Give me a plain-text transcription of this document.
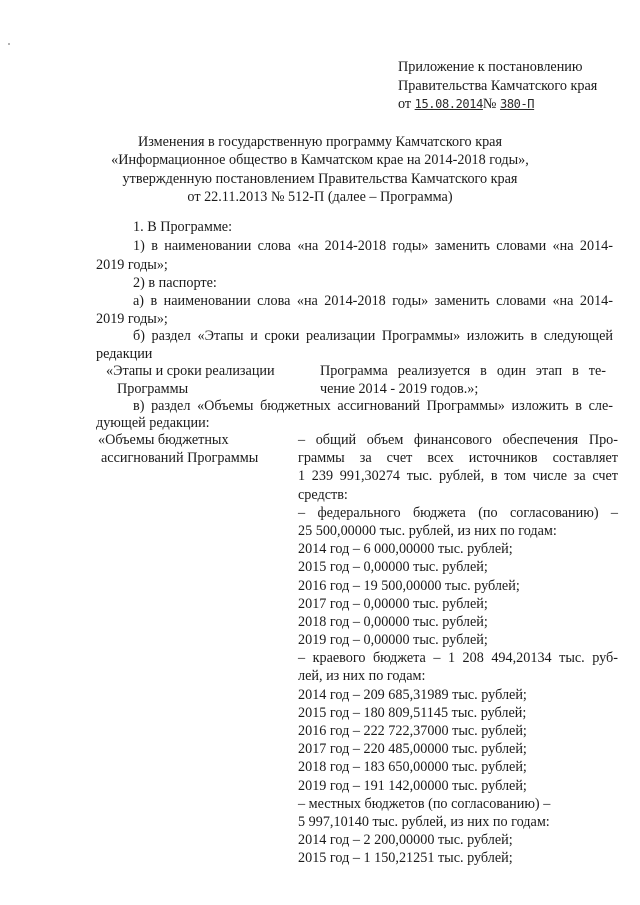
Приложение к постановлению
Правительства Камчатского края
от 15.08.2014№ 380-П
Изменения в государственную программу Камчатского края
«Информационное общество в Камчатском крае на 2014-2018 годы»,
утвержденную постановлением Правительства Камчатского края
от 22.11.2013 № 512-П (далее – Программа)
1. В Программе:
1) в наименовании слова «на 2014-2018 годы» заменить словами «на 2014-
2019 годы»;
2) в паспорте:
а) в наименовании слова «на 2014-2018 годы» заменить словами «на 2014-
2019 годы»;
б) раздел «Этапы и сроки реализации Программы» изложить в следующей
редакции
«Этапы и сроки реализации
Программы
Программа реализуется в один этап в те-
чение 2014 - 2019 годов.»;
в) раздел «Объемы бюджетных ассигнований Программы» изложить в сле-
дующей редакции:
«Объемы бюджетных
ассигнований Программы
– общий объем финансового обеспечения Про-
граммы за счет всех источников составляет
1 239 991,30274 тыс. рублей, в том числе за счет
средств:
– федерального бюджета (по согласованию) –
25 500,00000 тыс. рублей, из них по годам:
2014 год – 6 000,00000 тыс. рублей;
2015 год – 0,00000 тыс. рублей;
2016 год – 19 500,00000 тыс. рублей;
2017 год – 0,00000 тыс. рублей;
2018 год – 0,00000 тыс. рублей;
2019 год – 0,00000 тыс. рублей;
– краевого бюджета – 1 208 494,20134 тыс. руб-
лей, из них по годам:
2014 год – 209 685,31989 тыс. рублей;
2015 год – 180 809,51145 тыс. рублей;
2016 год – 222 722,37000 тыс. рублей;
2017 год – 220 485,00000 тыс. рублей;
2018 год – 183 650,00000 тыс. рублей;
2019 год – 191 142,00000 тыс. рублей;
– местных бюджетов (по согласованию) –
5 997,10140 тыс. рублей, из них по годам:
2014 год – 2 200,00000 тыс. рублей;
2015 год – 1 150,21251 тыс. рублей;
